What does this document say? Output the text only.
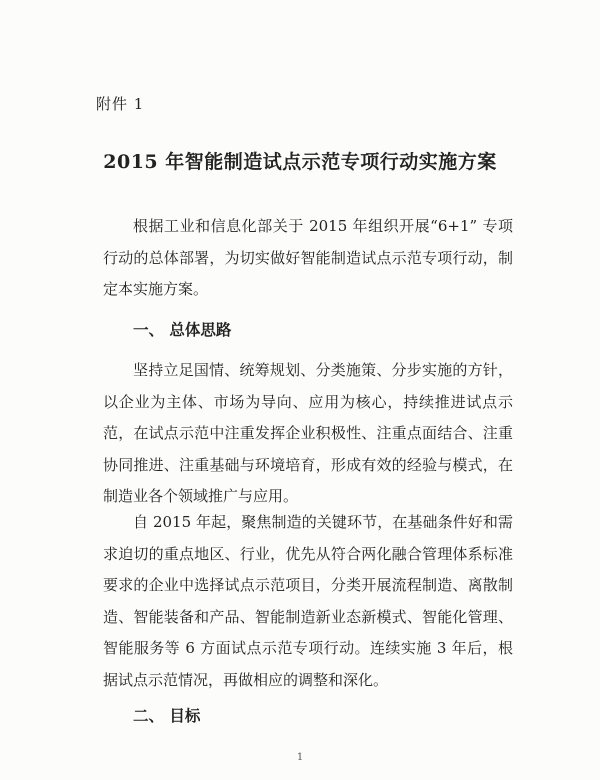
附件 1
2015 年智能制造试点示范专项行动实施方案

根据工业和信息化部关于 2015 年组织开展“6+1” 专项行动的总体部署，为切实做好智能制造试点示范专项行动，制定本实施方案。

一、 总体思路

坚持立足国情、统筹规划、分类施策、分步实施的方针，以企业为主体、市场为导向、应用为核心，持续推进试点示范，在试点示范中注重发挥企业积极性、注重点面结合、注重协同推进、注重基础与环境培育，形成有效的经验与模式，在制造业各个领域推广与应用。

自 2015 年起，聚焦制造的关键环节，在基础条件好和需求迫切的重点地区、行业，优先从符合两化融合管理体系标准要求的企业中选择试点示范项目，分类开展流程制造、离散制造、智能装备和产品、智能制造新业态新模式、智能化管理、智能服务等 6 方面试点示范专项行动。连续实施 3 年后，根据试点示范情况，再做相应的调整和深化。

二、 目标
1
